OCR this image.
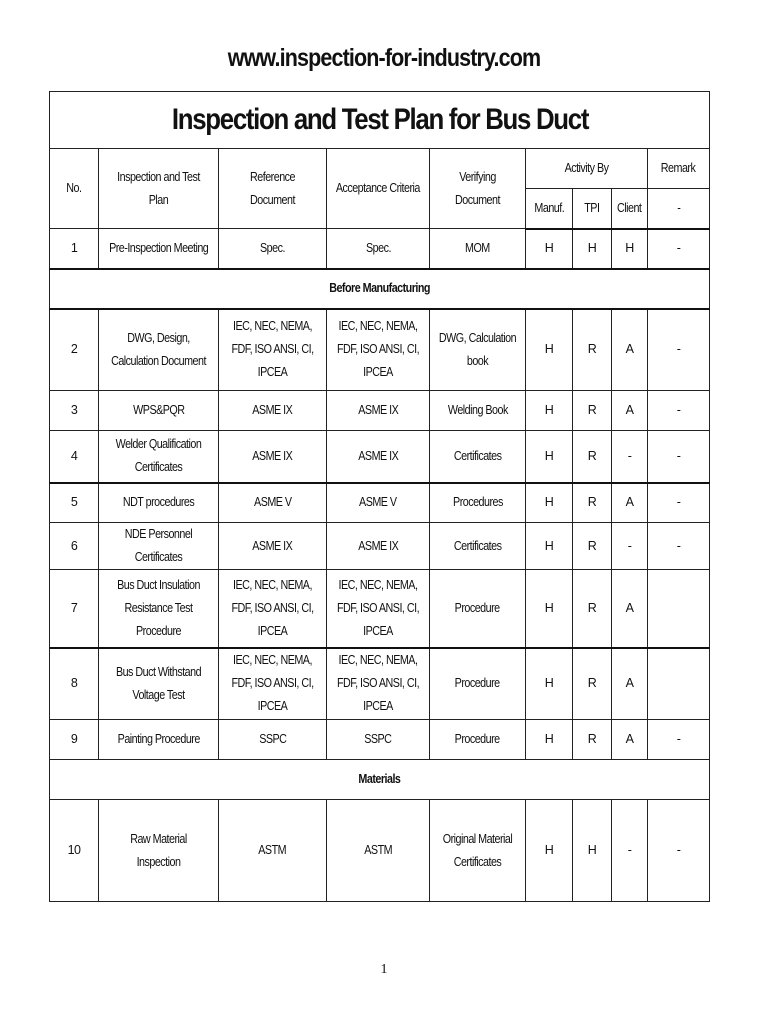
www.inspection-for-industry.com
Inspection and Test Plan for Bus Duct								
No.	Inspection and Test Plan	Reference Document	Acceptance Criteria	Verifying Document	Activity By			Remark
					Manuf.	TPI	Client	-
1	Pre-Inspection Meeting	Spec.	Spec.	MOM	H	H	H	-
Before Manufacturing								
2	DWG, Design, Calculation Document	IEC, NEC, NEMA, FDF, ISO ANSI, CI, IPCEA	IEC, NEC, NEMA, FDF, ISO ANSI, CI, IPCEA	DWG, Calculation book	H	R	A	-
3	WPS&PQR	ASME IX	ASME IX	Welding Book	H	R	A	-
4	Welder Qualification Certificates	ASME IX	ASME IX	Certificates	H	R	-	-
5	NDT procedures	ASME V	ASME V	Procedures	H	R	A	-
6	NDE Personnel Certificates	ASME IX	ASME IX	Certificates	H	R	-	-
7	Bus Duct Insulation Resistance Test Procedure	IEC, NEC, NEMA, FDF, ISO ANSI, CI, IPCEA	IEC, NEC, NEMA, FDF, ISO ANSI, CI, IPCEA	Procedure	H	R	A	
8	Bus Duct Withstand Voltage Test	IEC, NEC, NEMA, FDF, ISO ANSI, CI, IPCEA	IEC, NEC, NEMA, FDF, ISO ANSI, CI, IPCEA	Procedure	H	R	A	
9	Painting Procedure	SSPC	SSPC	Procedure	H	R	A	-
Materials								
10	Raw Material Inspection	ASTM	ASTM	Original Material Certificates	H	H	-	-
1
